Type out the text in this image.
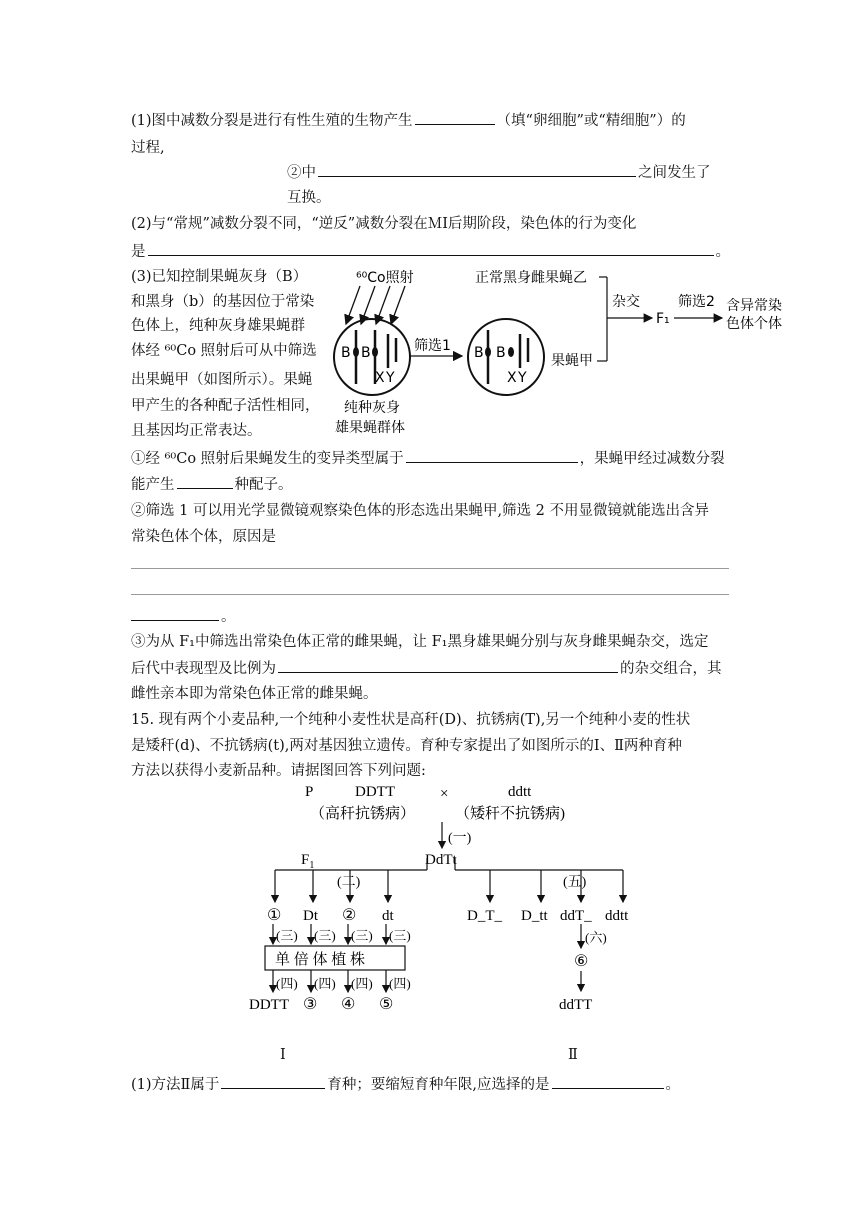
(1)图中减数分裂是进行有性生殖的生物产生	（填“卵细胞”或“精细胞”）的
过程,
②中	之间发生了
互换。
(2)与“常规”减数分裂不同，“逆反”减数分裂在ＭⅠ后期阶段，染色体的行为变化
是	。
(3)已知控制果蝇灰身（B）
和黑身（b）的基因位于常染
色体上，纯种灰身雄果蝇群
体经 ⁶⁰Co 照射后可从中筛选
出果蝇甲（如图所示）。果蝇
甲产生的各种配子活性相同，
且基因均正常表达。
⁶⁰Co照射
B B
X Y
纯种灰身
雄果蝇群体
筛选1 B B
X Y
正常黑身雌果蝇乙
果蝇甲
杂交
F₁
筛选2 含异常染
色体个体
①经 ⁶⁰Co 照射后果蝇发生的变异类型属于	，果蝇甲经过减数分裂
能产生	种配子。
②筛选 1 可以用光学显微镜观察染色体的形态选出果蝇甲,筛选 2 不用显微镜就能选出含异
常染色体个体，原因是
。
③为从 F₁中筛选出常染色体正常的雌果蝇，让 F₁黑身雄果蝇分别与灰身雌果蝇杂交，选定
后代中表现型及比例为	的杂交组合，其
雌性亲本即为常染色体正常的雌果蝇。
15. 现有两个小麦品种,一个纯种小麦性状是高秆(D)、抗锈病(T),另一个纯种小麦的性状
是矮秆(d)、不抗锈病(t),两对基因独立遗传。育种专家提出了如图所示的Ⅰ、Ⅱ两种育种
方法以获得小麦新品种。请据图回答下列问题:
P	DDTT	×	ddtt
（高秆抗锈病）	（矮秆不抗锈病)
(一)
$F_1$	DdTt
(二)
① Dt ② dt
(三) (三) (三) (三)
单 倍 体 植 株
(四) (四) (四) (四)
DDTT ③ ④ ⑤
(五)
D_T_ D_tt ddT_ ddtt
(六)
⑥
ddTT
Ⅰ	Ⅱ
(1)方法Ⅱ属于	育种；要缩短育种年限,应选择的是	。
